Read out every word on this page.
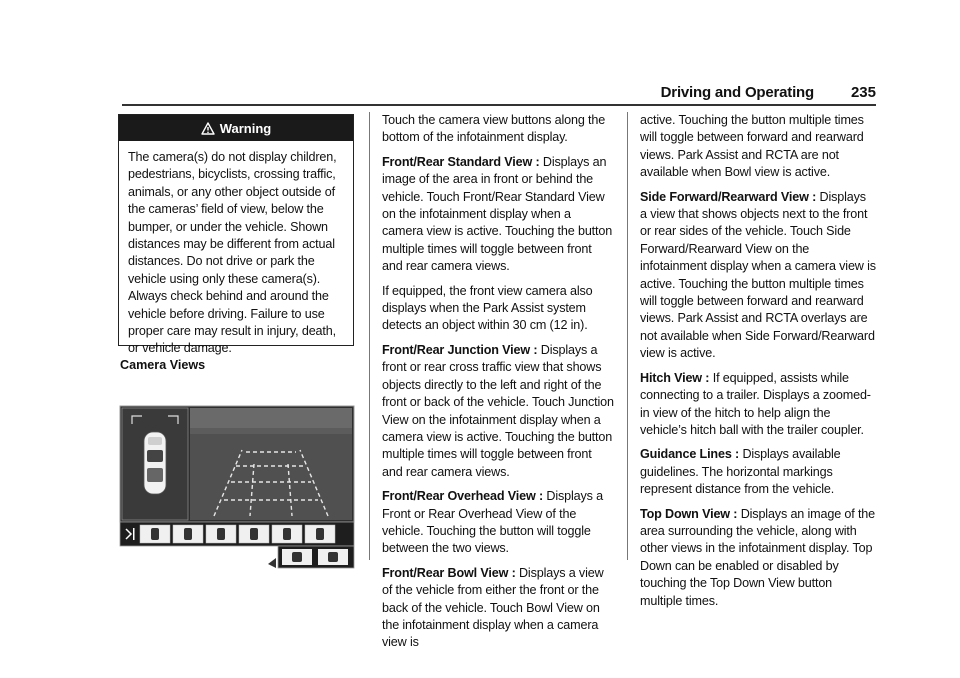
Driving and Operating 235
Warning
The camera(s) do not display children, pedestrians, bicyclists, crossing traffic, animals, or any other object outside of the cameras’ field of view, below the bumper, or under the vehicle. Shown distances may be different from actual distances. Do not drive or park the vehicle using only these camera(s). Always check behind and around the vehicle before driving. Failure to use proper care may result in injury, death, or vehicle damage.
Camera Views

Touch the camera view buttons along the bottom of the infotainment display.

Front/Rear Standard View : Displays an image of the area in front or behind the vehicle. Touch Front/Rear Standard View on the infotainment display when a camera view is active. Touching the button multiple times will toggle between front and rear camera views.

If equipped, the front view camera also displays when the Park Assist system detects an object within 30 cm (12 in).

Front/Rear Junction View : Displays a front or rear cross traffic view that shows objects directly to the left and right of the front or back of the vehicle. Touch Junction View on the infotainment display when a camera view is active. Touching the button multiple times will toggle between front and rear camera views.

Front/Rear Overhead View : Displays a Front or Rear Overhead View of the vehicle. Touching the button will toggle between the two views.

Front/Rear Bowl View : Displays a view of the vehicle from either the front or the back of the vehicle. Touch Bowl View on the infotainment display when a camera view is

active. Touching the button multiple times will toggle between forward and rearward views. Park Assist and RCTA are not available when Bowl view is active.

Side Forward/Rearward View : Displays a view that shows objects next to the front or rear sides of the vehicle. Touch Side Forward/Rearward View on the infotainment display when a camera view is active. Touching the button multiple times will toggle between forward and rearward views. Park Assist and RCTA overlays are not available when Side Forward/Rearward view is active.

Hitch View : If equipped, assists while connecting to a trailer. Displays a zoomed-in view of the hitch to help align the vehicle’s hitch ball with the trailer coupler.

Guidance Lines : Displays available guidelines. The horizontal markings represent distance from the vehicle.

Top Down View : Displays an image of the area surrounding the vehicle, along with other views in the infotainment display. Top Down can be enabled or disabled by touching the Top Down View button multiple times.
